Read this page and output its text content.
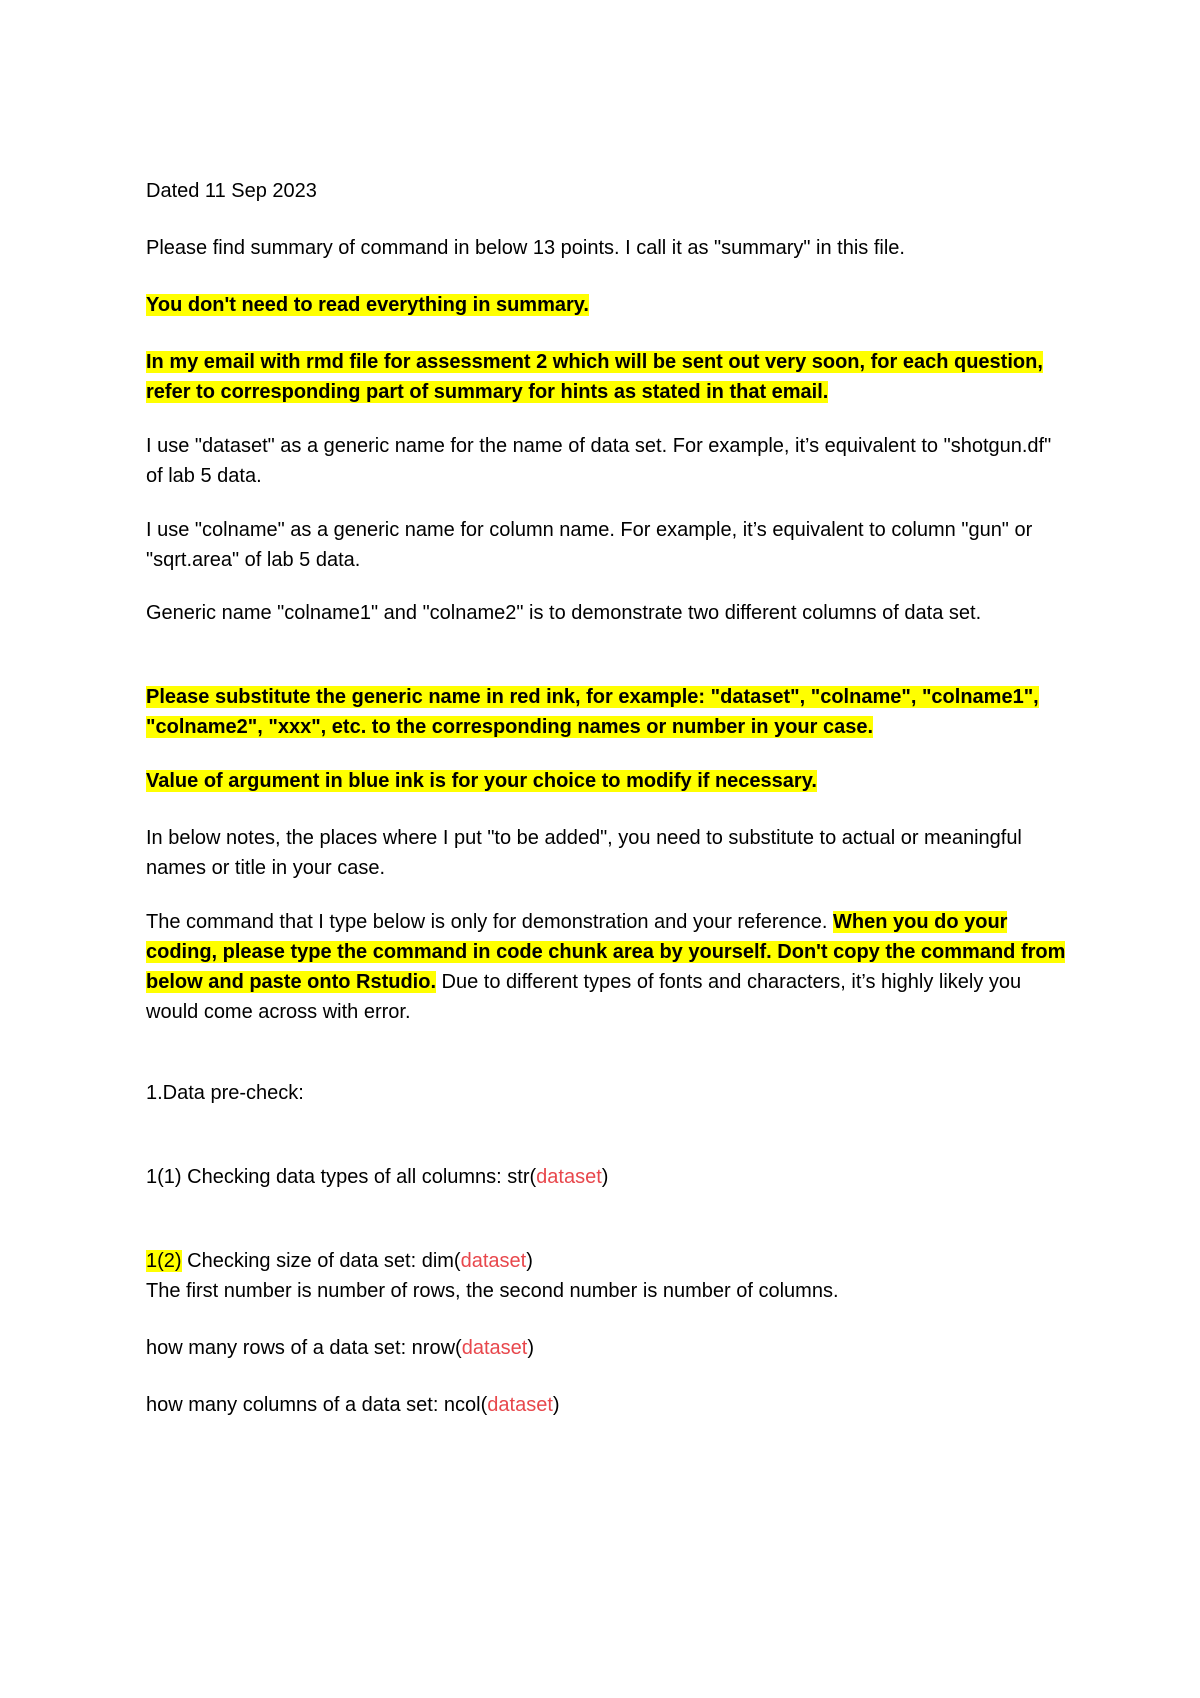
Dated 11 Sep 2023

Please find summary of command in below 13 points. I call it as "summary" in this file.

You don't need to read everything in summary.

In my email with rmd file for assessment 2 which will be sent out very soon, for each question, refer to corresponding part of summary for hints as stated in that email.

I use "dataset" as a generic name for the name of data set. For example, it’s equivalent to "shotgun.df" of lab 5 data.

I use "colname" as a generic name for column name. For example, it’s equivalent to column "gun" or "sqrt.area" of lab 5 data.

Generic name "colname1" and "colname2" is to demonstrate two different columns of data set.

Please substitute the generic name in red ink, for example: "dataset", "colname", "colname1", "colname2", "xxx", etc. to the corresponding names or number in your case.

Value of argument in blue ink is for your choice to modify if necessary.

In below notes, the places where I put "to be added", you need to substitute to actual or meaningful names or title in your case.

The command that I type below is only for demonstration and your reference. When you do your coding, please type the command in code chunk area by yourself. Don't copy the command from below and paste onto Rstudio. Due to different types of fonts and characters, it’s highly likely you would come across with error.

1.Data pre-check:

1(1) Checking data types of all columns: str(dataset)

1(2) Checking size of data set: dim(dataset)

The first number is number of rows, the second number is number of columns.

how many rows of a data set: nrow(dataset)

how many columns of a data set: ncol(dataset)
